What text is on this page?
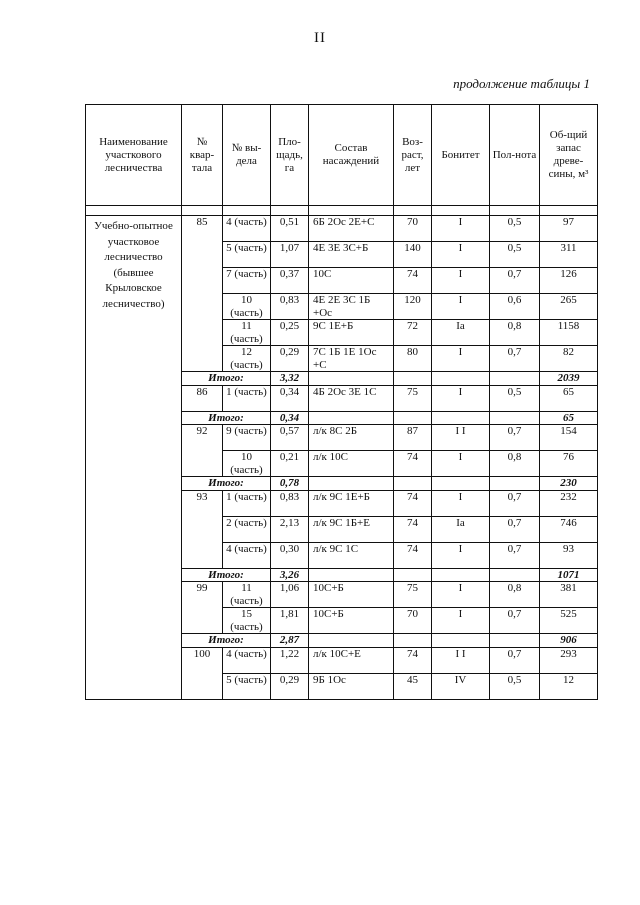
II
продолжение таблицы 1
Наименование участкового лесничества	№ квар-тала	№ вы-дела	Пло-щадь, га	Состав насаждений	Воз-раст, лет	Бонитет	Пол-нота	Об-щий запас древе-сины, м³

Учебно-опытное участковое лесничество (бывшее Крыловское лесничество)	85	4 (часть)	0,51	6Б 2Ос 2Е+С	70	I	0,5	97
		5 (часть)	1,07	4Е 3Е 3С+Б	140	I	0,5	311
		7 (часть)	0,37	10С	74	I	0,7	126
		10 (часть)	0,83	4Е 2Е 3С 1Б +Ос	120	I	0,6	265
		11 (часть)	0,25	9С 1Е+Б	72	Iа	0,8	1158
		12 (часть)	0,29	7С 1Б 1Е 1Ос +С	80	I	0,7	82
	Итого:		3,32					2039
	86	1 (часть)	0,34	4Б 2Ос 3Е 1С	75	I	0,5	65
	Итого:		0,34					65
	92	9 (часть)	0,57	л/к 8С 2Б	87	I I	0,7	154
		10 (часть)	0,21	л/к 10С	74	I	0,8	76
	Итого:		0,78					230
	93	1 (часть)	0,83	л/к 9С 1Е+Б	74	I	0,7	232
		2 (часть)	2,13	л/к 9С 1Б+Е	74	Iа	0,7	746
		4 (часть)	0,30	л/к 9С 1С	74	I	0,7	93
	Итого:		3,26					1071
	99	11 (часть)	1,06	10С+Б	75	I	0,8	381
		15 (часть)	1,81	10С+Б	70	I	0,7	525
	Итого:		2,87					906
	100	4 (часть)	1,22	л/к 10С+Е	74	I I	0,7	293
		5 (часть)	0,29	9Б 1Ос	45	IV	0,5	12
